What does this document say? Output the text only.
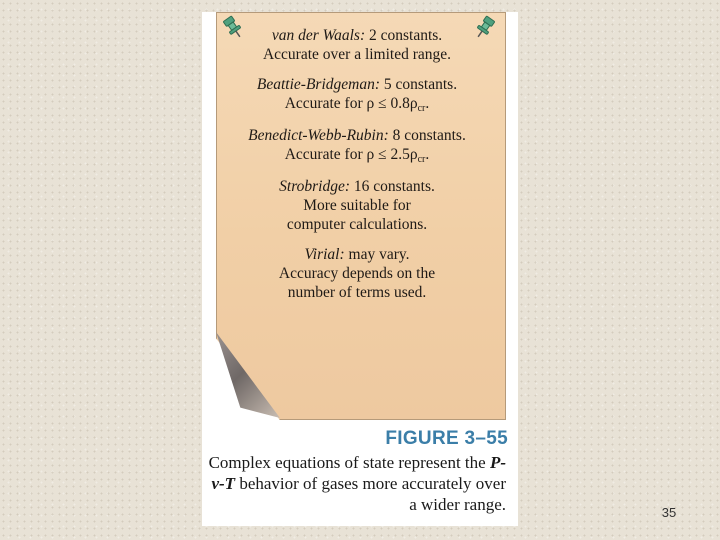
van der Waals: 2 constants.
Accurate over a limited range.
Beattie-Bridgeman: 5 constants.
Accurate for ρ ≤ 0.8ρcr.
Benedict-Webb-Rubin: 8 constants.
Accurate for ρ ≤ 2.5ρcr.
Strobridge: 16 constants.
More suitable for
computer calculations.
Virial: may vary.
Accuracy depends on the
number of terms used.
FIGURE 3–55
Complex equations of state represent the P-v-T behavior of gases more accurately over a wider range.	35
